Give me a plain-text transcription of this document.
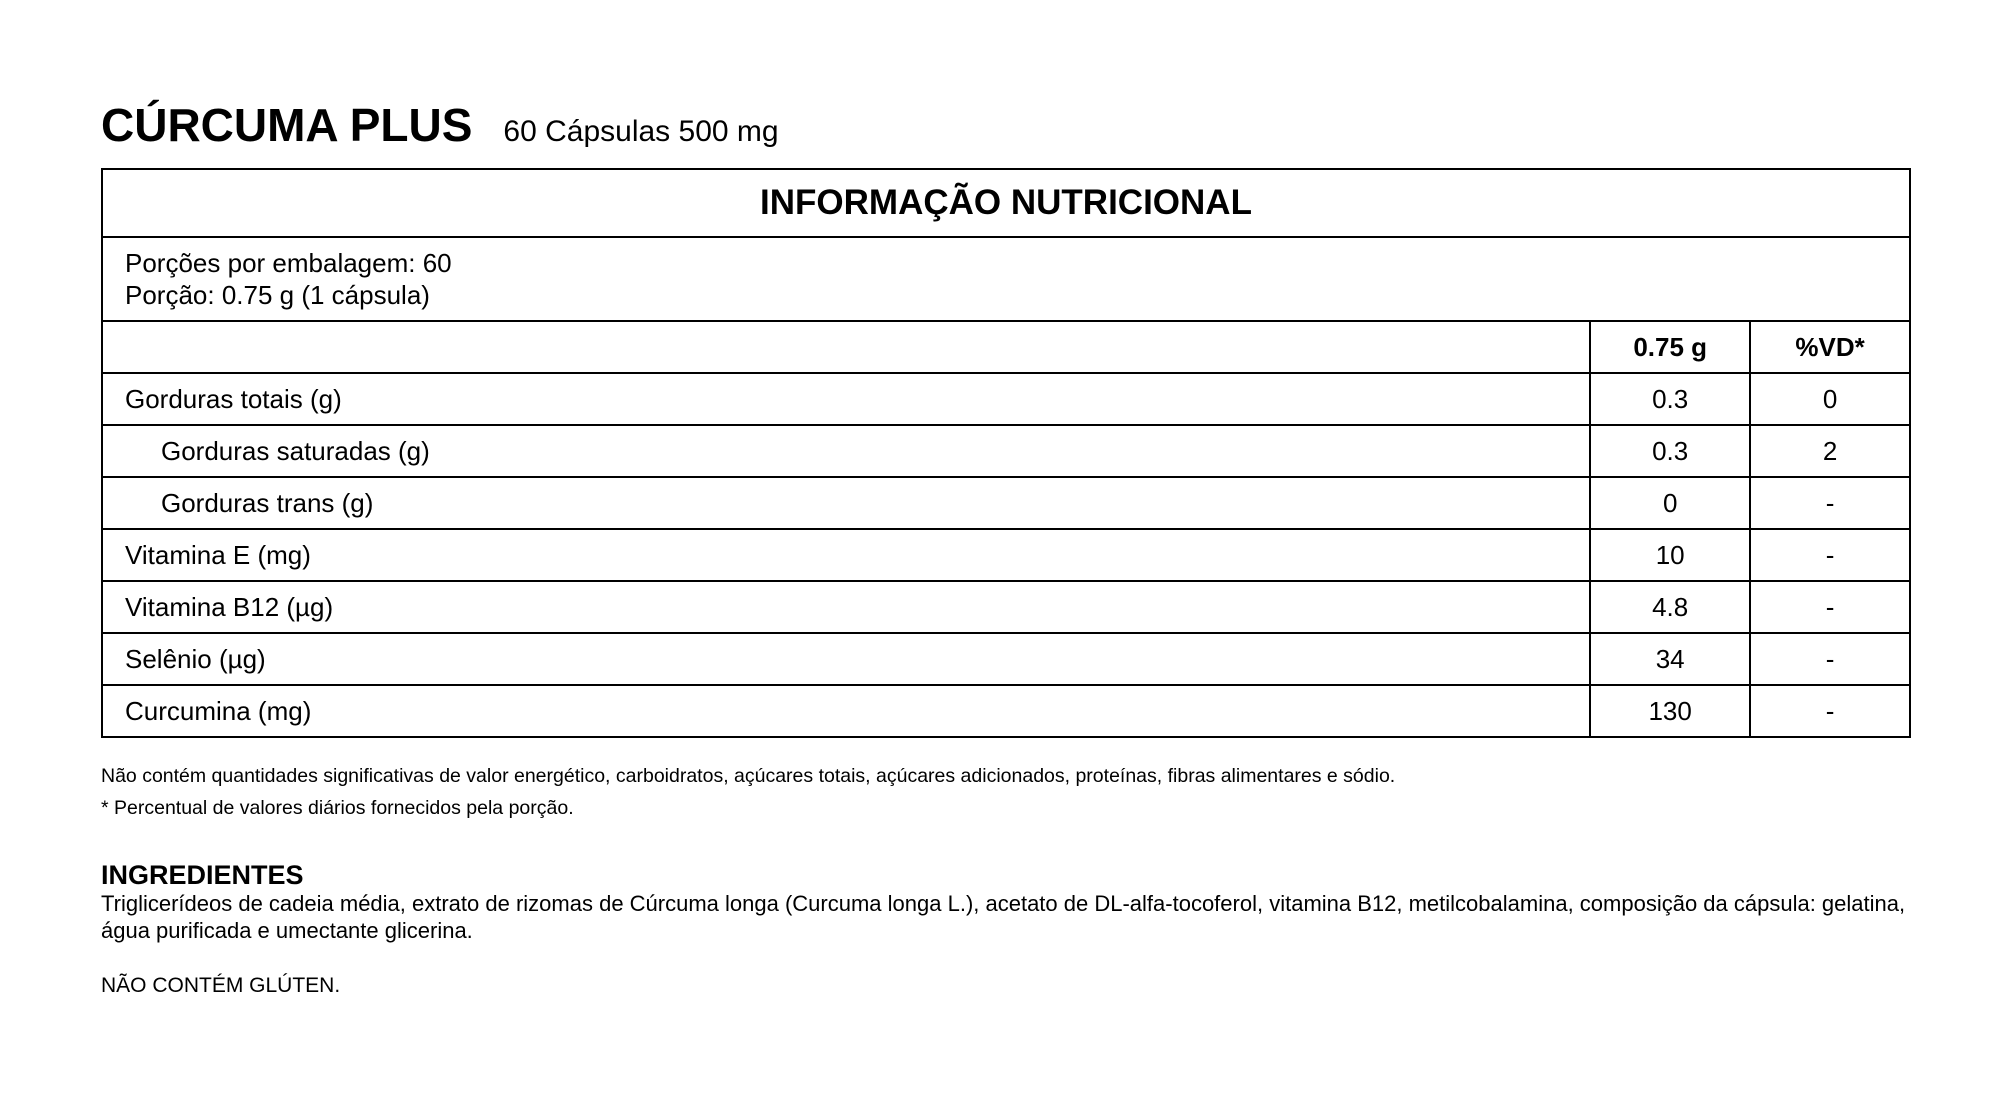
CÚRCUMA PLUS 60 Cápsulas 500 mg
INFORMAÇÃO NUTRICIONAL		

Porções por embalagem: 60
Porção: 0.75 g (1 cápsula)		

	0.75 g	%VD*
Gorduras totais (g)	0.3	0
Gorduras saturadas (g)	0.3	2
Gorduras trans (g)	0	-
Vitamina E (mg)	10	-
Vitamina B12 (µg)	4.8	-
Selênio (µg)	34	-
Curcumina (mg)	130	-
Não contém quantidades significativas de valor energético, carboidratos, açúcares totais, açúcares adicionados, proteínas, fibras alimentares e sódio.
* Percentual de valores diários fornecidos pela porção.
INGREDIENTES
Triglicerídeos de cadeia média, extrato de rizomas de Cúrcuma longa (Curcuma longa L.), acetato de DL-alfa-tocoferol, vitamina B12, metilcobalamina, composição da cápsula: gelatina, água purificada e umectante glicerina.
NÃO CONTÉM GLÚTEN.
